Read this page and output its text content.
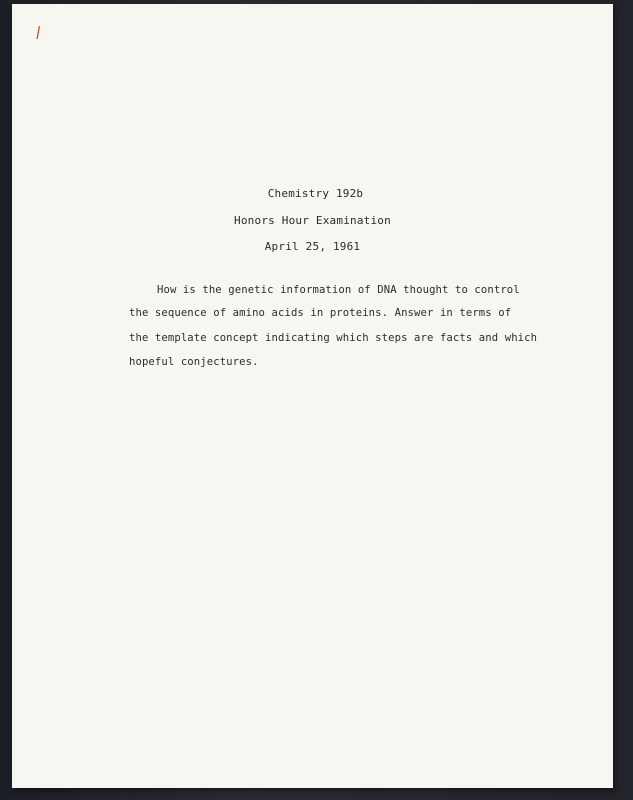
Chemistry 192b
Honors Hour Examination
April 25, 1961
How is the genetic information of DNA thought to control
the sequence of amino acids in proteins. Answer in terms of
the template concept indicating which steps are facts and which
hopeful conjectures.
